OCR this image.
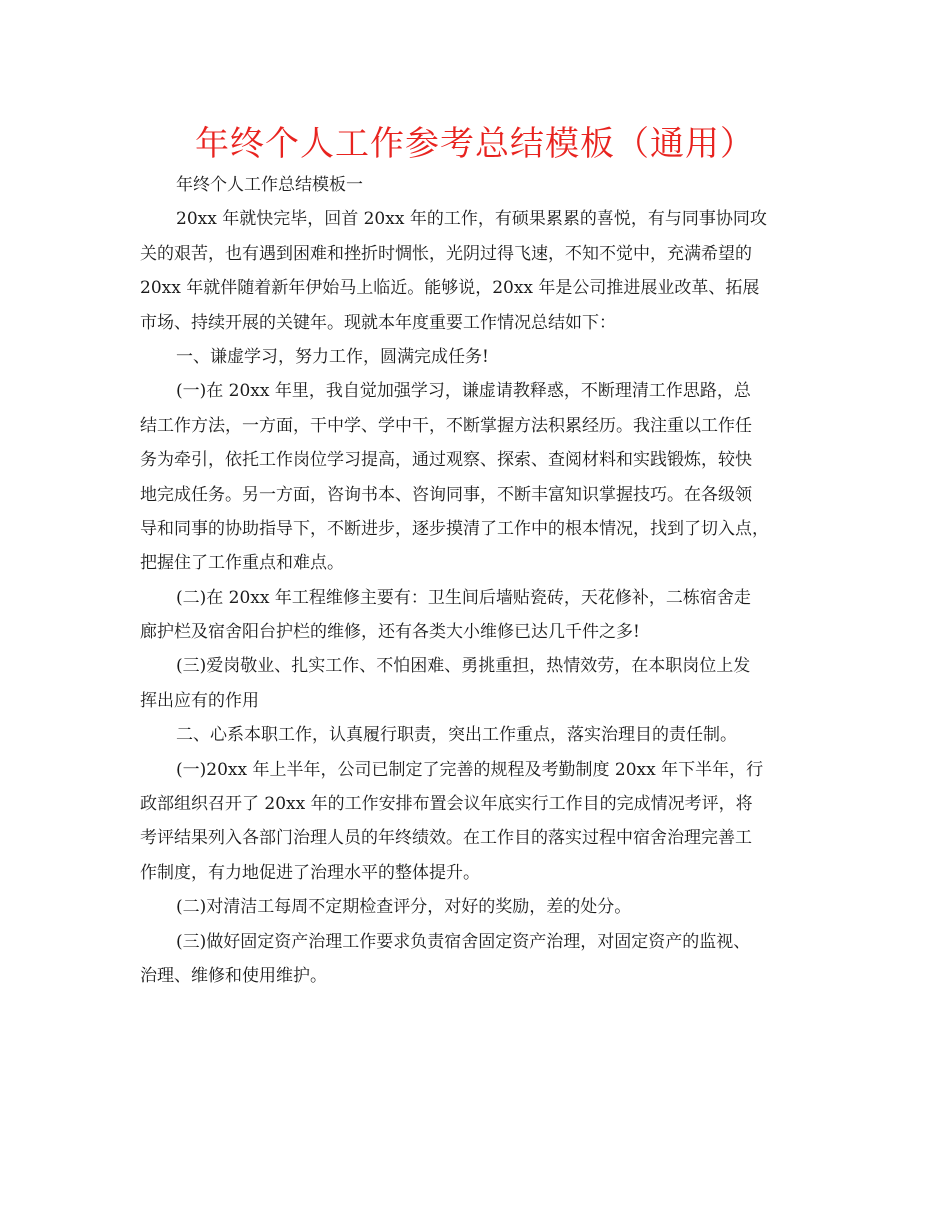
年终个人工作参考总结模板（通用）
年终个人工作总结模板一
20xx 年就快完毕，回首 20xx 年的工作，有硕果累累的喜悦，有与同事协同攻
关的艰苦，也有遇到困难和挫折时惆怅，光阴过得飞速，不知不觉中，充满希望的
20xx 年就伴随着新年伊始马上临近。能够说，20xx 年是公司推进展业改革、拓展
市场、持续开展的关键年。现就本年度重要工作情况总结如下：
一、谦虚学习，努力工作，圆满完成任务!
(一)在 20xx 年里，我自觉加强学习，谦虚请教释惑，不断理清工作思路，总
结工作方法，一方面，干中学、学中干，不断掌握方法积累经历。我注重以工作任
务为牵引，依托工作岗位学习提高，通过观察、探索、查阅材料和实践锻炼，较快
地完成任务。另一方面，咨询书本、咨询同事，不断丰富知识掌握技巧。在各级领
导和同事的协助指导下，不断进步，逐步摸清了工作中的根本情况，找到了切入点，
把握住了工作重点和难点。
(二)在 20xx 年工程维修主要有：卫生间后墙贴瓷砖，天花修补，二栋宿舍走
廊护栏及宿舍阳台护栏的维修，还有各类大小维修已达几千件之多!
(三)爱岗敬业、扎实工作、不怕困难、勇挑重担，热情效劳，在本职岗位上发
挥出应有的作用
二、心系本职工作，认真履行职责，突出工作重点，落实治理目的责任制。
(一)20xx 年上半年，公司已制定了完善的规程及考勤制度 20xx 年下半年，行
政部组织召开了 20xx 年的工作安排布置会议年底实行工作目的完成情况考评，将
考评结果列入各部门治理人员的年终绩效。在工作目的落实过程中宿舍治理完善工
作制度，有力地促进了治理水平的整体提升。
(二)对清洁工每周不定期检查评分，对好的奖励，差的处分。
(三)做好固定资产治理工作要求负责宿舍固定资产治理，对固定资产的监视、
治理、维修和使用维护。
